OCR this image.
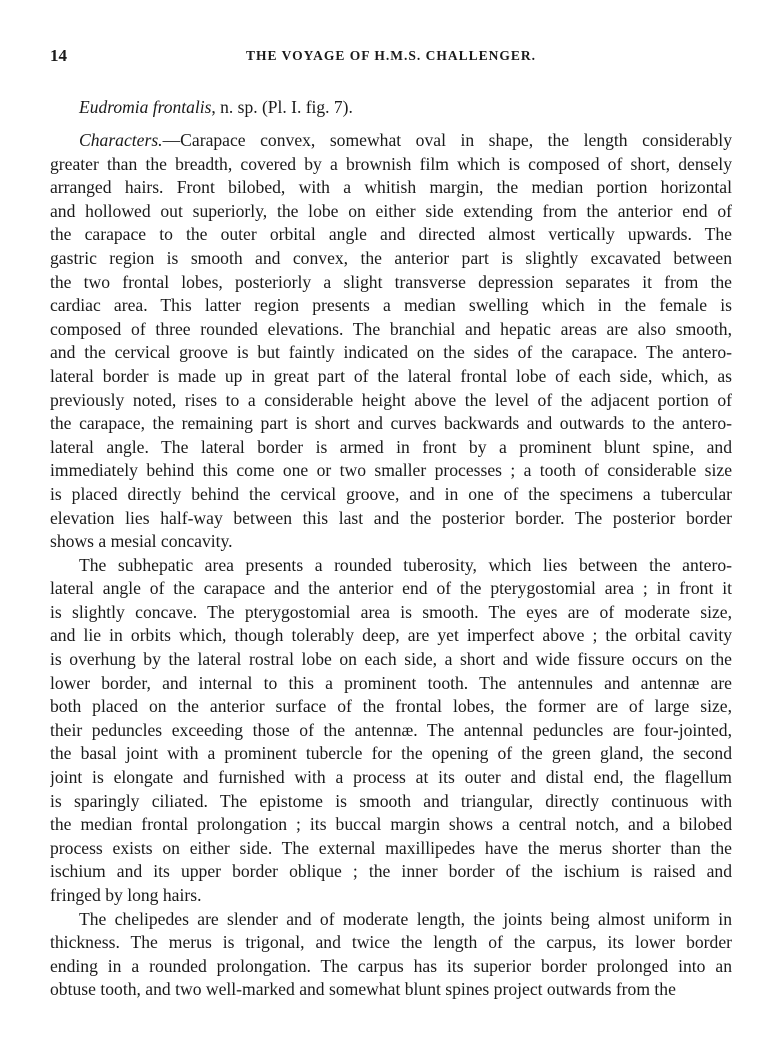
14	THE VOYAGE OF H.M.S. CHALLENGER.
Eudromia frontalis, n. sp. (Pl. I. fig. 7).
Characters.—Carapace convex, somewhat oval in shape, the length considerably
greater than the breadth, covered by a brownish film which is composed of short, densely
arranged hairs. Front bilobed, with a whitish margin, the median portion horizontal
and hollowed out superiorly, the lobe on either side extending from the anterior end of
the carapace to the outer orbital angle and directed almost vertically upwards. The
gastric region is smooth and convex, the anterior part is slightly excavated between
the two frontal lobes, posteriorly a slight transverse depression separates it from the
cardiac area. This latter region presents a median swelling which in the female is
composed of three rounded elevations. The branchial and hepatic areas are also smooth,
and the cervical groove is but faintly indicated on the sides of the carapace. The antero-
lateral border is made up in great part of the lateral frontal lobe of each side, which, as
previously noted, rises to a considerable height above the level of the adjacent portion of
the carapace, the remaining part is short and curves backwards and outwards to the antero-
lateral angle. The lateral border is armed in front by a prominent blunt spine, and
immediately behind this come one or two smaller processes ; a tooth of considerable size
is placed directly behind the cervical groove, and in one of the specimens a tubercular
elevation lies half-way between this last and the posterior border. The posterior border
shows a mesial concavity.
The subhepatic area presents a rounded tuberosity, which lies between the antero-
lateral angle of the carapace and the anterior end of the pterygostomial area ; in front it
is slightly concave. The pterygostomial area is smooth. The eyes are of moderate size,
and lie in orbits which, though tolerably deep, are yet imperfect above ; the orbital cavity
is overhung by the lateral rostral lobe on each side, a short and wide fissure occurs on the
lower border, and internal to this a prominent tooth. The antennules and antennæ are
both placed on the anterior surface of the frontal lobes, the former are of large size,
their peduncles exceeding those of the antennæ. The antennal peduncles are four-jointed,
the basal joint with a prominent tubercle for the opening of the green gland, the second
joint is elongate and furnished with a process at its outer and distal end, the flagellum
is sparingly ciliated. The epistome is smooth and triangular, directly continuous with
the median frontal prolongation ; its buccal margin shows a central notch, and a bilobed
process exists on either side. The external maxillipedes have the merus shorter than the
ischium and its upper border oblique ; the inner border of the ischium is raised and
fringed by long hairs.
The chelipedes are slender and of moderate length, the joints being almost uniform in
thickness. The merus is trigonal, and twice the length of the carpus, its lower border
ending in a rounded prolongation. The carpus has its superior border prolonged into an
obtuse tooth, and two well-marked and somewhat blunt spines project outwards from the
